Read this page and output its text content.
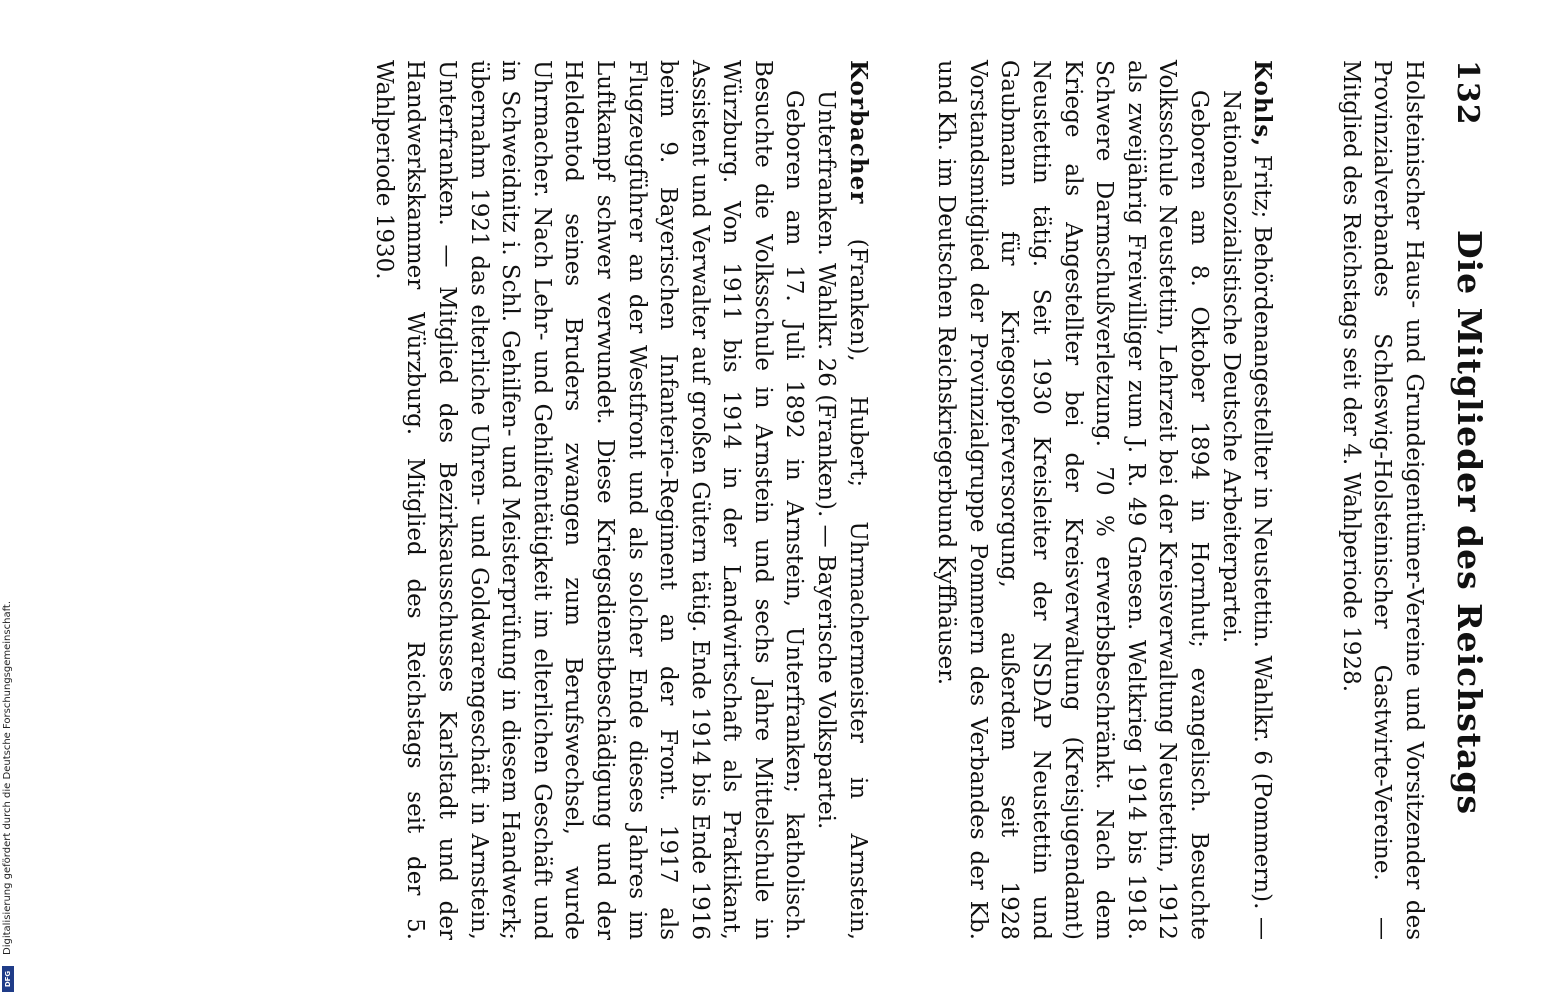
132
Die Mitglieder des Reichstags

Holsteinischer Haus- und Grundeigentümer-Vereine und Vorsitzender des Provinzialverbandes Schleswig-Holsteinischer Gastwirte-Vereine. — Mitglied des Reichstags seit der 4. Wahlperiode 1928.

Kohls, Fritz; Behördenangestellter in Neustettin. Wahlkr. 6 (Pommern). — Nationalsozialistische Deutsche Arbeiterpartei.

Geboren am 8. Oktober 1894 in Hornhut; evangelisch. Besuchte Volksschule Neustettin, Lehrzeit bei der Kreisverwaltung Neustettin, 1912 als zweijährig Freiwilliger zum J. R. 49 Gnesen. Weltkrieg 1914 bis 1918. Schwere Darmschußverletzung. 70 % erwerbsbeschränkt. Nach dem Kriege als Angestellter bei der Kreisverwaltung (Kreisjugendamt) Neustettin tätig. Seit 1930 Kreisleiter der NSDAP Neustettin und Gaubmann für Kriegsopferversorgung, außerdem seit 1928 Vorstandsmitglied der Provinzialgruppe Pommern des Verbandes der Kb. und Kh. im Deutschen Reichskriegerbund Kyffhäuser.

Korbacher (Franken), Hubert; Uhrmachermeister in Arnstein, Unterfranken. Wahlkr. 26 (Franken). — Bayerische Volkspartei.

Geboren am 17. Juli 1892 in Arnstein, Unterfranken; katholisch. Besuchte die Volksschule in Arnstein und sechs Jahre Mittelschule in Würzburg. Von 1911 bis 1914 in der Landwirtschaft als Praktikant, Assistent und Verwalter auf großen Gütern tätig. Ende 1914 bis Ende 1916 beim 9. Bayerischen Infanterie-Regiment an der Front. 1917 als Flugzeugführer an der Westfront und als solcher Ende dieses Jahres im Luftkampf schwer verwundet. Diese Kriegsdienstbeschädigung und der Heldentod seines Bruders zwangen zum Berufswechsel, wurde Uhrmacher. Nach Lehr- und Gehilfentätigkeit im elterlichen Geschäft und in Schweidnitz i. Schl. Gehilfen- und Meisterprüfung in diesem Handwerk; übernahm 1921 das elterliche Uhren- und Goldwarengeschäft in Arnstein, Unterfranken. — Mitglied des Bezirksausschusses Karlstadt und der Handwerkskammer Würzburg. Mitglied des Reichstags seit der 5. Wahlperiode 1930.

Digitalisierung gefördert durch die Deutsche Forschungsgemeinschaft.
DFG
